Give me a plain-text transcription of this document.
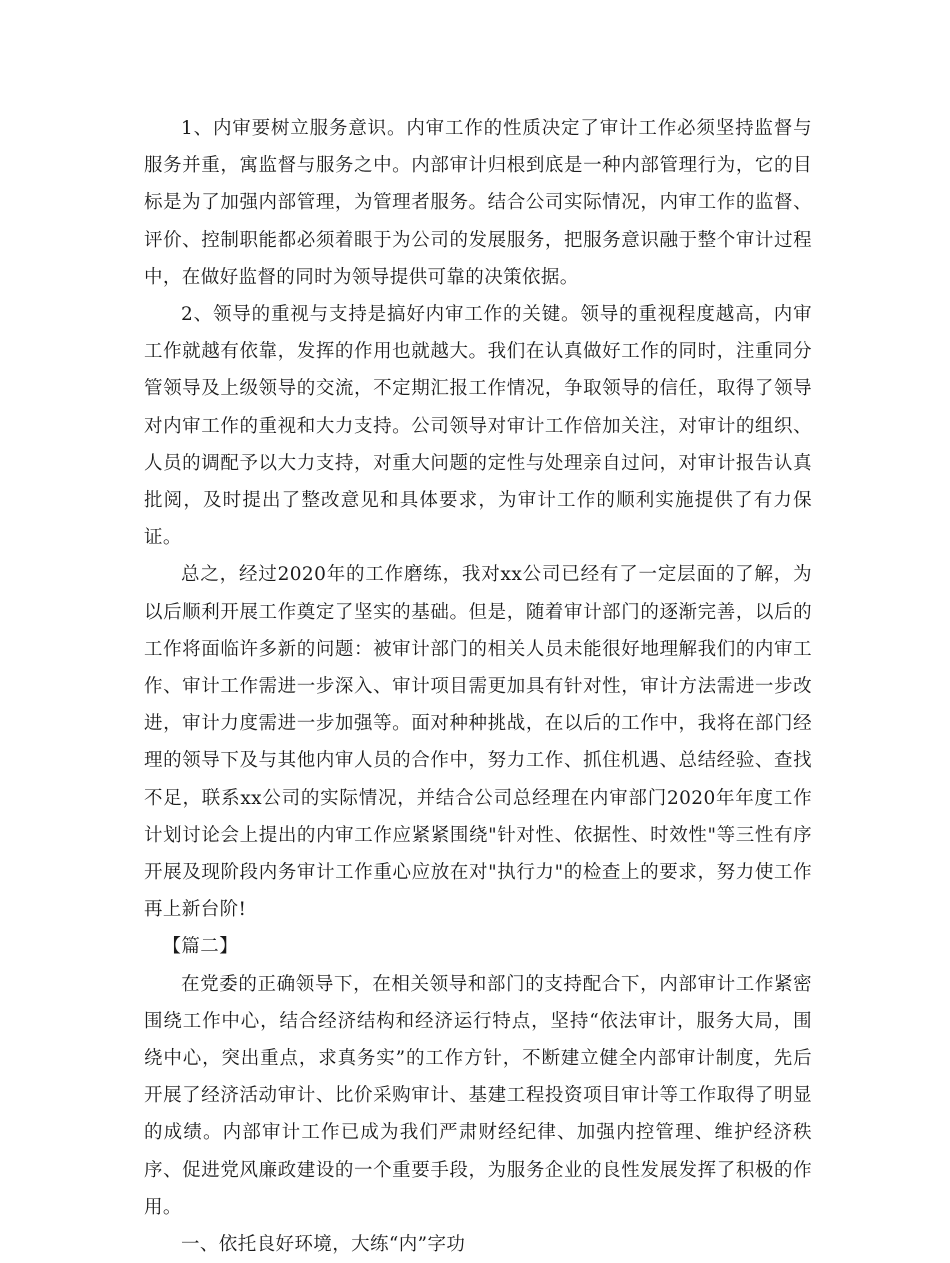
1、内审要树立服务意识。内审工作的性质决定了审计工作必须坚持监督与服务并重，寓监督与服务之中。内部审计归根到底是一种内部管理行为，它的目标是为了加强内部管理，为管理者服务。结合公司实际情况，内审工作的监督、评价、控制职能都必须着眼于为公司的发展服务，把服务意识融于整个审计过程中，在做好监督的同时为领导提供可靠的决策依据。

2、领导的重视与支持是搞好内审工作的关键。领导的重视程度越高，内审工作就越有依靠，发挥的作用也就越大。我们在认真做好工作的同时，注重同分管领导及上级领导的交流，不定期汇报工作情况，争取领导的信任，取得了领导对内审工作的重视和大力支持。公司领导对审计工作倍加关注，对审计的组织、人员的调配予以大力支持，对重大问题的定性与处理亲自过问，对审计报告认真批阅，及时提出了整改意见和具体要求，为审计工作的顺利实施提供了有力保证。

总之，经过2020年的工作磨练，我对xx公司已经有了一定层面的了解，为以后顺利开展工作奠定了坚实的基础。但是，随着审计部门的逐渐完善，以后的工作将面临许多新的问题：被审计部门的相关人员未能很好地理解我们的内审工作、审计工作需进一步深入、审计项目需更加具有针对性，审计方法需进一步改进，审计力度需进一步加强等。面对种种挑战，在以后的工作中，我将在部门经理的领导下及与其他内审人员的合作中，努力工作、抓住机遇、总结经验、查找不足，联系xx公司的实际情况，并结合公司总经理在内审部门2020年年度工作计划讨论会上提出的内审工作应紧紧围绕"针对性、依据性、时效性"等三性有序开展及现阶段内务审计工作重心应放在对"执行力"的检查上的要求，努力使工作再上新台阶!

【篇二】

在党委的正确领导下，在相关领导和部门的支持配合下，内部审计工作紧密围绕工作中心，结合经济结构和经济运行特点，坚持“依法审计，服务大局，围绕中心，突出重点，求真务实”的工作方针，不断建立健全内部审计制度，先后开展了经济活动审计、比价采购审计、基建工程投资项目审计等工作取得了明显的成绩。内部审计工作已成为我们严肃财经纪律、加强内控管理、维护经济秩序、促进党风廉政建设的一个重要手段，为服务企业的良性发展发挥了积极的作用。

一、依托良好环境，大练“内”字功
